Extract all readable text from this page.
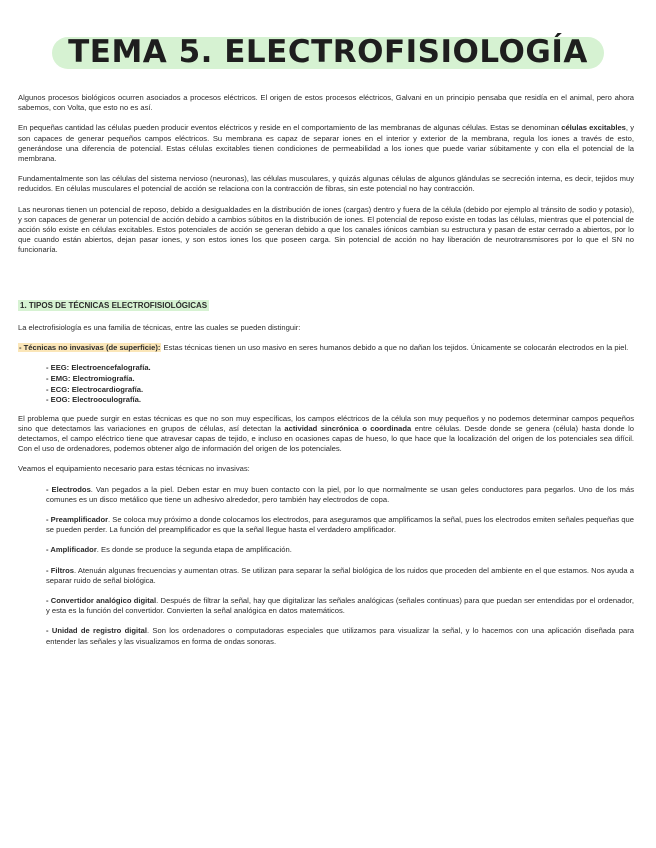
TEMA 5. ELECTROFISIOLOGÍA

Algunos procesos biológicos ocurren asociados a procesos eléctricos. El origen de estos procesos eléctricos, Galvani en un principio pensaba que residía en el animal, pero ahora sabemos, con Volta, que esto no es así.

En pequeñas cantidad las células pueden producir eventos eléctricos y reside en el comportamiento de las membranas de algunas células. Estas se denominan células excitables, y son capaces de generar pequeños campos eléctricos. Su membrana es capaz de separar iones en el interior y exterior de la membrana, regula los iones a través de esto, generándose una diferencia de potencial. Estas células excitables tienen condiciones de permeabilidad a los iones que puede variar súbitamente y con ella el potencial de la membrana.

Fundamentalmente son las células del sistema nervioso (neuronas), las células musculares, y quizás algunas células de algunos glándulas se secreción interna, es decir, tejidos muy reducidos. En células musculares el potencial de acción se relaciona con la contracción de fibras, sin este potencial no hay contracción.

Las neuronas tienen un potencial de reposo, debido a desigualdades en la distribución de iones (cargas) dentro y fuera de la célula (debido por ejemplo al tránsito de sodio y potasio), y son capaces de generar un potencial de acción debido a cambios súbitos en la distribución de iones. El potencial de reposo existe en todas las células, mientras que el potencial de acción sólo existe en células excitables. Estos potenciales de acción se generan debido a que los canales iónicos cambian su estructura y pasan de estar cerrado a abiertos, por lo que cuando están abiertos, dejan pasar iones, y son estos iones los que poseen carga. Sin potencial de acción no hay liberación de neurotransmisores por lo que el SN no funcionaría.

1. TIPOS DE TÉCNICAS ELECTROFISIOLÓGICAS

La electrofisiología es una familia de técnicas, entre las cuales se pueden distinguir:

- Técnicas no invasivas (de superficie): Estas técnicas tienen un uso masivo en seres humanos debido a que no dañan los tejidos. Únicamente se colocarán electrodos en la piel.

- EEG: Electroencefalografía.
- EMG: Electromiografía.
- ECG: Electrocardiografía.
- EOG: Electrooculografía.

El problema que puede surgir en estas técnicas es que no son muy específicas, los campos eléctricos de la célula son muy pequeños y no podemos determinar campos pequeños sino que detectamos las variaciones en grupos de células, así detectan la actividad sincrónica o coordinada entre células. Desde donde se genera (célula) hasta donde lo detectamos, el campo eléctrico tiene que atravesar capas de tejido, e incluso en ocasiones capas de hueso, lo que hace que la localización del origen de los potenciales sea difícil. Con el uso de ordenadores, podemos obtener algo de información del origen de los potenciales.

Veamos el equipamiento necesario para estas técnicas no invasivas:

- Electrodos. Van pegados a la piel. Deben estar en muy buen contacto con la piel, por lo que normalmente se usan geles conductores para pegarlos. Uno de los más comunes es un disco metálico que tiene un adhesivo alrededor, pero también hay electrodos de copa.

- Preamplificador. Se coloca muy próximo a donde colocamos los electrodos, para aseguramos que amplificamos la señal, pues los electrodos emiten señales pequeñas que se pueden perder. La función del preamplificador es que la señal llegue hasta el verdadero amplificador.

- Amplificador. Es donde se produce la segunda etapa de amplificación.

- Filtros. Atenuán algunas frecuencias y aumentan otras. Se utilizan para separar la señal biológica de los ruidos que proceden del ambiente en el que estamos. Nos ayuda a separar ruido de señal biológica.

- Convertidor analógico digital. Después de filtrar la señal, hay que digitalizar las señales analógicas (señales continuas) para que puedan ser entendidas por el ordenador, y esta es la función del convertidor. Convierten la señal analógica en datos matemáticos.

- Unidad de registro digital. Son los ordenadores o computadoras especiales que utilizamos para visualizar la señal, y lo hacemos con una aplicación diseñada para entender las señales y las visualizamos en forma de ondas sonoras.
